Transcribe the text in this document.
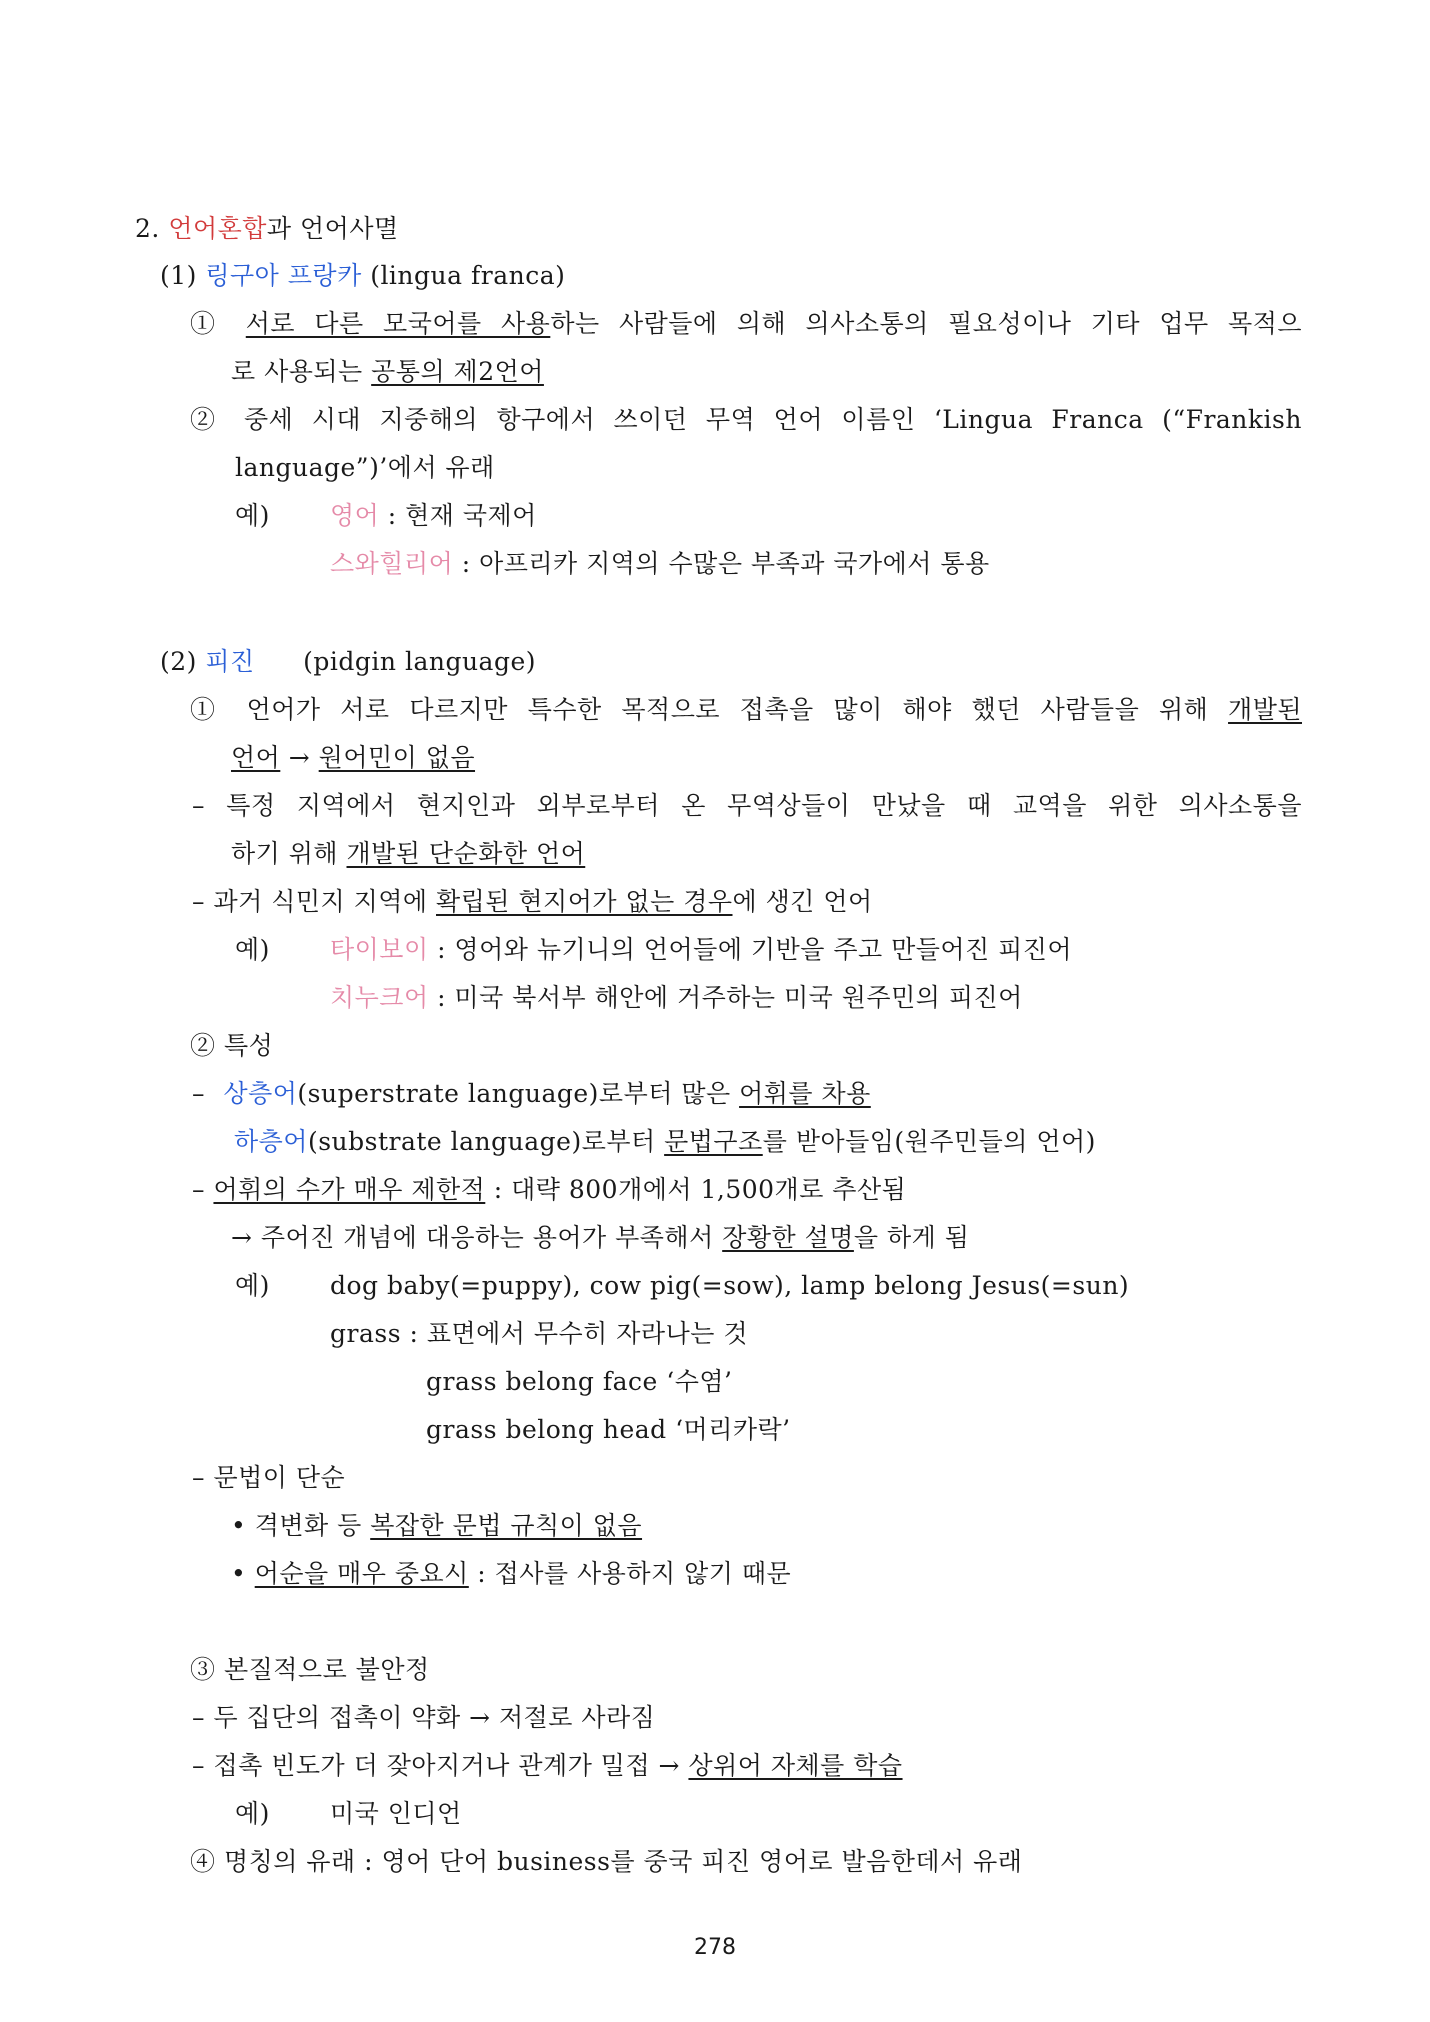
2. 언어혼합과 언어사멸
(1) 링구아 프랑카 (lingua franca)
① 서로 다른 모국어를 사용하는 사람들에 의해 의사소통의 필요성이나 기타 업무 목적으
로 사용되는 공통의 제2언어
② 중세 시대 지중해의 항구에서 쓰이던 무역 언어 이름인 ‘Lingua Franca (“Frankish
language”)’에서 유래
예) 영어 : 현재 국제어
스와힐리어 : 아프리카 지역의 수많은 부족과 국가에서 통용
(2) 피진 (pidgin language)
① 언어가 서로 다르지만 특수한 목적으로 접촉을 많이 해야 했던 사람들을 위해 개발된
언어 → 원어민이 없음
– 특정 지역에서 현지인과 외부로부터 온 무역상들이 만났을 때 교역을 위한 의사소통을
하기 위해 개발된 단순화한 언어
– 과거 식민지 지역에 확립된 현지어가 없는 경우에 생긴 언어
예) 타이보이 : 영어와 뉴기니의 언어들에 기반을 주고 만들어진 피진어
치누크어 : 미국 북서부 해안에 거주하는 미국 원주민의 피진어
② 특성
– 상층어(superstrate language)로부터 많은 어휘를 차용
하층어(substrate language)로부터 문법구조를 받아들임(원주민들의 언어)
– 어휘의 수가 매우 제한적 : 대략 800개에서 1,500개로 추산됨
→ 주어진 개념에 대응하는 용어가 부족해서 장황한 설명을 하게 됨
예) dog baby(=puppy), cow pig(=sow), lamp belong Jesus(=sun)
grass : 표면에서 무수히 자라나는 것
grass belong face ‘수염’
grass belong head ‘머리카락’
– 문법이 단순
• 격변화 등 복잡한 문법 규칙이 없음
• 어순을 매우 중요시 : 접사를 사용하지 않기 때문
③ 본질적으로 불안정
– 두 집단의 접촉이 약화 → 저절로 사라짐
– 접촉 빈도가 더 잦아지거나 관계가 밀접 → 상위어 자체를 학습
예) 미국 인디언
④ 명칭의 유래 : 영어 단어 business를 중국 피진 영어로 발음한데서 유래
278
